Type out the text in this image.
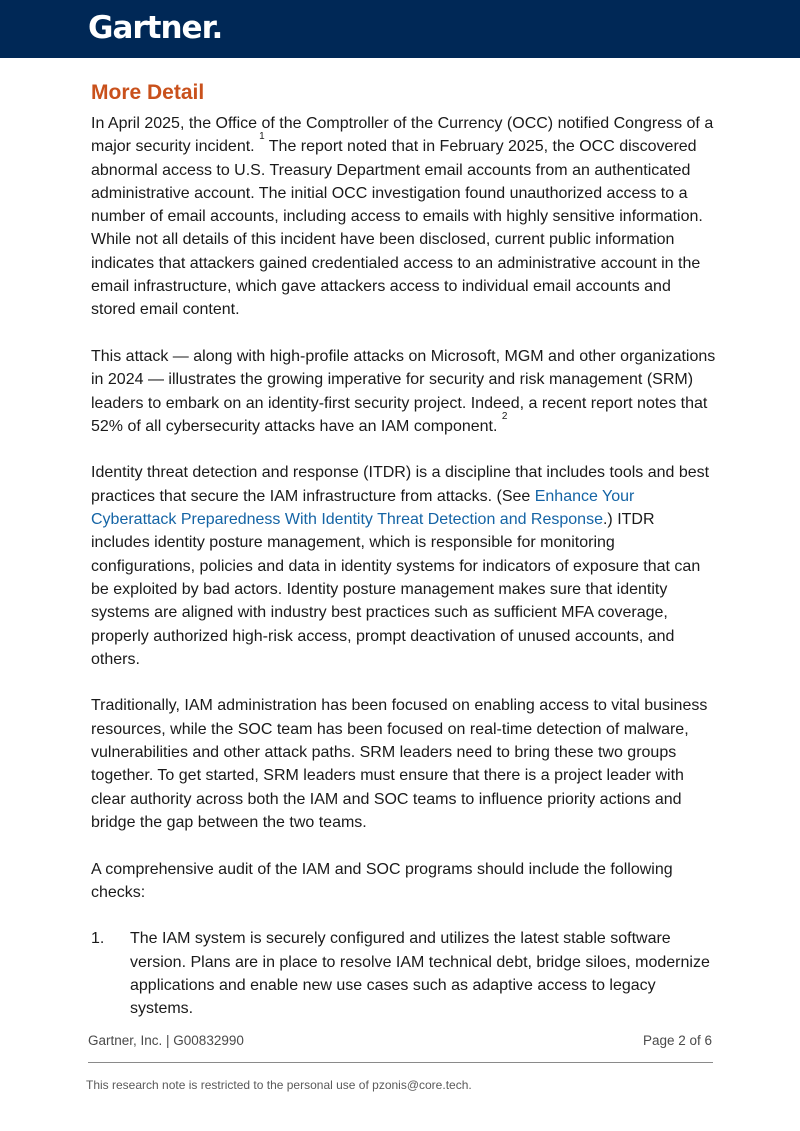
Gartner.
More Detail

In April 2025, the Office of the Comptroller of the Currency (OCC) notified Congress of a major security incident. $^1$ The report noted that in February 2025, the OCC discovered abnormal access to U.S. Treasury Department email accounts from an authenticated administrative account. The initial OCC investigation found unauthorized access to a number of email accounts, including access to emails with highly sensitive information. While not all details of this incident have been disclosed, current public information indicates that attackers gained credentialed access to an administrative account in the email infrastructure, which gave attackers access to individual email accounts and stored email content.

This attack — along with high-profile attacks on Microsoft, MGM and other organizations in 2024 — illustrates the growing imperative for security and risk management (SRM) leaders to embark on an identity-first security project. Indeed, a recent report notes that 52% of all cybersecurity attacks have an IAM component. $^2$

Identity threat detection and response (ITDR) is a discipline that includes tools and best practices that secure the IAM infrastructure from attacks. (See Enhance Your Cyberattack Preparedness With Identity Threat Detection and Response.) ITDR includes identity posture management, which is responsible for monitoring configurations, policies and data in identity systems for indicators of exposure that can be exploited by bad actors. Identity posture management makes sure that identity systems are aligned with industry best practices such as sufficient MFA coverage, properly authorized high-risk access, prompt deactivation of unused accounts, and others.

Traditionally, IAM administration has been focused on enabling access to vital business resources, while the SOC team has been focused on real-time detection of malware, vulnerabilities and other attack paths. SRM leaders need to bring these two groups together. To get started, SRM leaders must ensure that there is a project leader with clear authority across both the IAM and SOC teams to influence priority actions and bridge the gap between the two teams.

A comprehensive audit of the IAM and SOC programs should include the following checks:

1.	The IAM system is securely configured and utilizes the latest stable software version. Plans are in place to resolve IAM technical debt, bridge siloes, modernize applications and enable new use cases such as adaptive access to legacy systems.
Gartner, Inc. | G00832990	Page 2 of 6
This research note is restricted to the personal use of pzonis@core.tech.
